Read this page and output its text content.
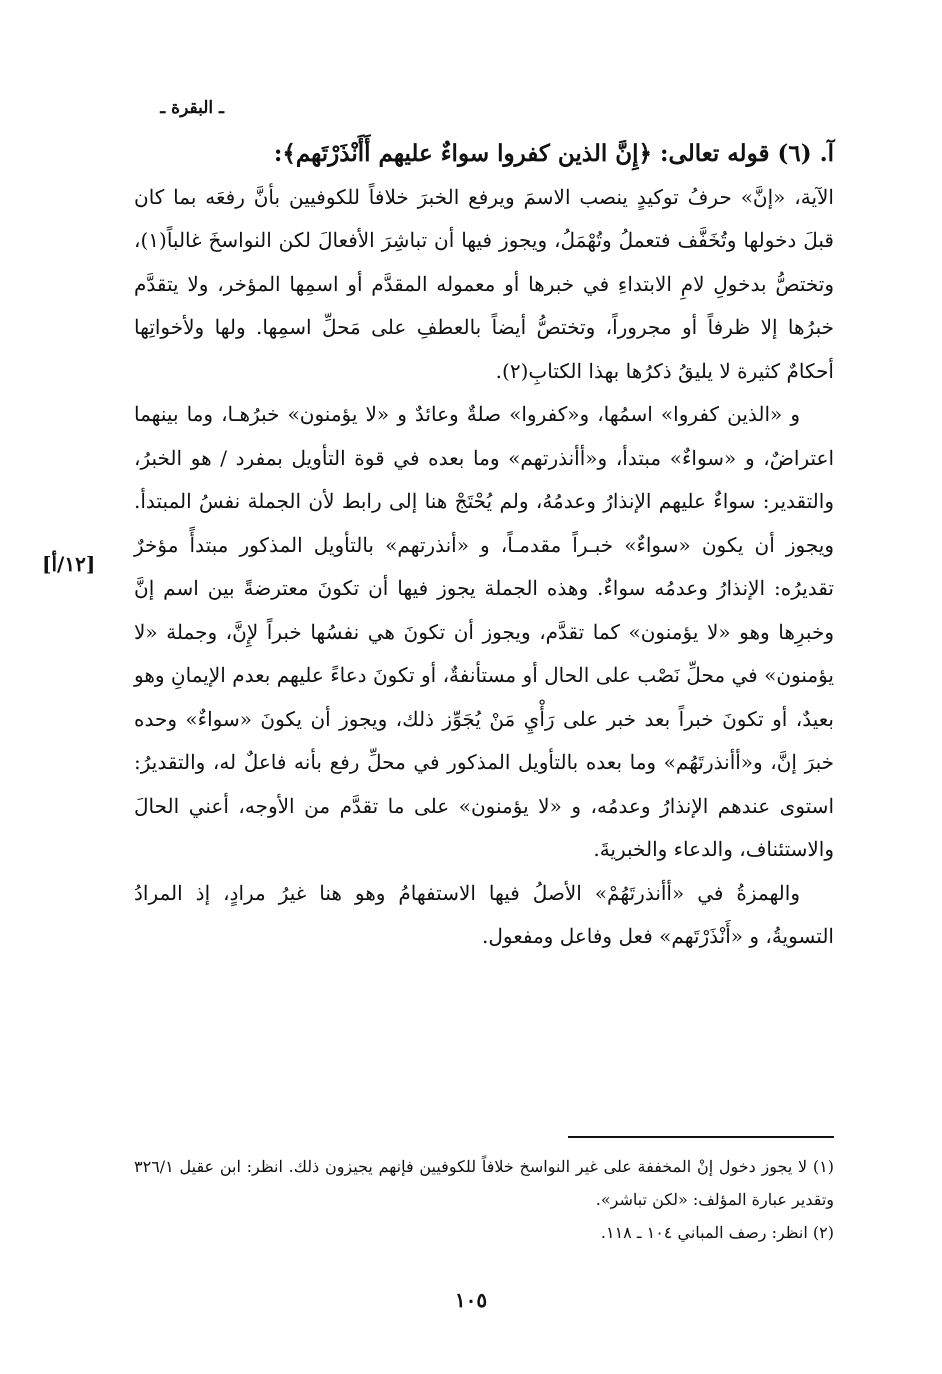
ـ البقرة ـ

آ. (٦) قوله تعالى: ﴿إِنَّ الذين كفروا سواءٌ عليهم أَأَنْذَرْتَهم﴾:

الآية، «إنَّ» حرفُ توكيدٍ ينصب الاسمَ ويرفع الخبرَ خلافاً للكوفيين بأنَّ رفعَه بما كان قبلَ دخولها وتُخَفَّف فتعملُ وتُهْمَلُ، ويجوز فيها أن تباشِرَ الأفعالَ لكن النواسخَ غالباً(١)، وتختصُّ بدخولِ لامِ الابتداءِ في خبرها أو معموله المقدَّم أو اسمِها المؤخر، ولا يتقدَّم خبرُها إلا ظرفاً أو مجروراً، وتختصُّ أيضاً بالعطفِ على مَحلِّ اسمِها. ولها ولأخواتِها أحكامٌ كثيرة لا يليقُ ذكرُها بهذا الكتابِ(٢).

و «الذين كفروا» اسمُها، و«كفروا» صلةٌ وعائدٌ و «لا يؤمنون» خبرُهـا، وما بينهما اعتراضٌ، و «سواءٌ» مبتدأ، و«أأنذرتهم» وما بعده في قوة التأويل بمفرد / هو الخبرُ، والتقدير: سواءٌ عليهم الإنذارُ وعدمُهُ، ولم يُحْتَجْ هنا إلى رابط لأن الجملة نفسُ المبتدأ. ويجوز أن يكون «سواءٌ» خبـراً مقدمـاً، و «أنذرتهم» بالتأويل المذكور مبتدأً مؤخرٌ تقديرُه: الإنذارُ وعدمُه سواءٌ. وهذه الجملة يجوز فيها أن تكونَ معترضةً بين اسم إنَّ وخبرِها وهو «لا يؤمنون» كما تقدَّم، ويجوز أن تكونَ هي نفسُها خبراً لإِنَّ، وجملة «لا يؤمنون» في محلِّ نَصْب على الحال أو مستأنفةٌ، أو تكونَ دعاءً عليهم بعدم الإيمانِ وهو بعيدٌ، أو تكونَ خبراً بعد خبر على رَأْيِ مَنْ يُجَوِّز ذلك، ويجوز أن يكونَ «سواءٌ» وحده خبرَ إنَّ، و«أأنذرتَهُم» وما بعده بالتأويل المذكور في محلِّ رفع بأنه فاعلٌ له، والتقديرُ: استوى عندهم الإنذارُ وعدمُه، و «لا يؤمنون» على ما تقدَّم من الأوجه، أعني الحالَ والاستئناف، والدعاء والخبريةَ.

والهمزةُ في «أأنذرتَهُمْ» الأصلُ فيها الاستفهامُ وهو هنا غيرُ مرادٍ، إذ المرادُ التسويةُ، و «أَنْذَرْتَهم» فعل وفاعل ومفعول.

[١٢/أ]

(١) لا يجوز دخول إنْ المخففة على غير النواسخ خلافاً للكوفيين فإنهم يجيزون ذلك. انظر: ابن عقيل ٣٢٦/١ وتقدير عبارة المؤلف: «لكن تباشر».

(٢) انظر: رصف المباني ١٠٤ ـ ١١٨.

١٠٥
